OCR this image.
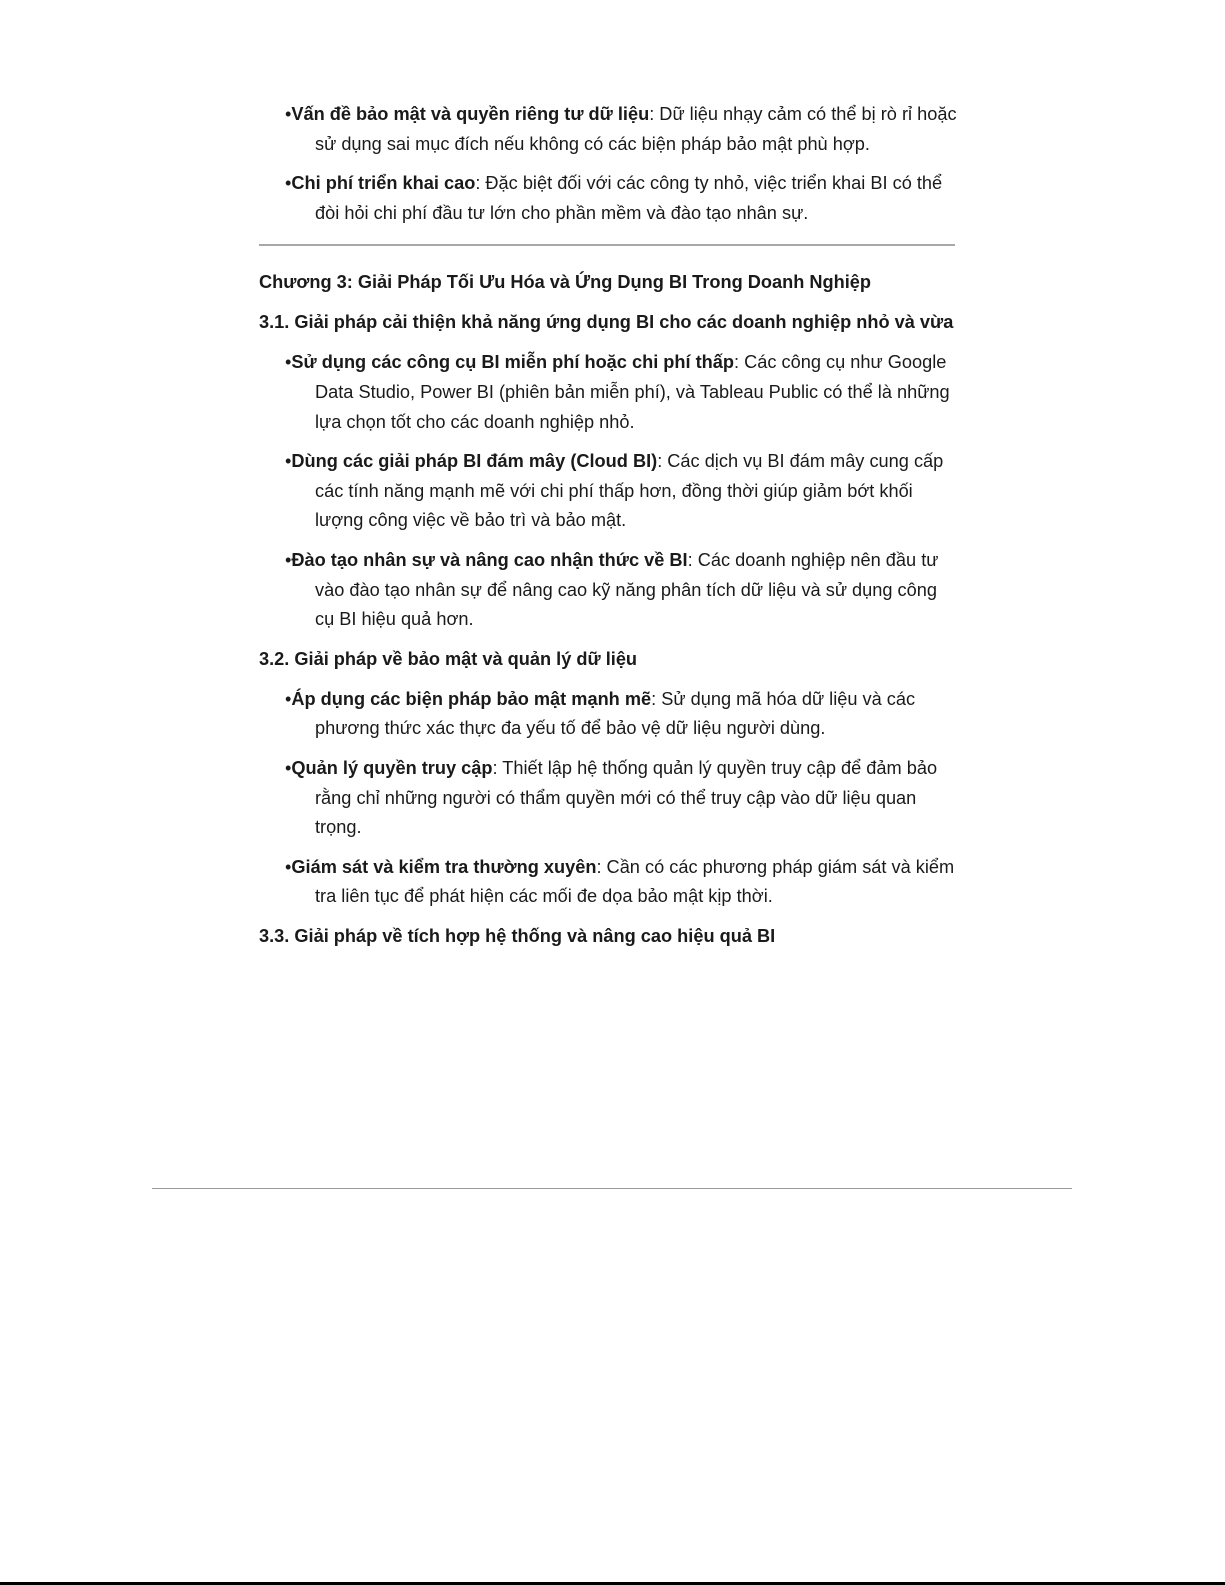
•Vấn đề bảo mật và quyền riêng tư dữ liệu: Dữ liệu nhạy cảm có thể bị rò rỉ hoặc sử dụng sai mục đích nếu không có các biện pháp bảo mật phù hợp.
•Chi phí triển khai cao: Đặc biệt đối với các công ty nhỏ, việc triển khai BI có thể đòi hỏi chi phí đầu tư lớn cho phần mềm và đào tạo nhân sự.
Chương 3: Giải Pháp Tối Ưu Hóa và Ứng Dụng BI Trong Doanh Nghiệp
3.1. Giải pháp cải thiện khả năng ứng dụng BI cho các doanh nghiệp nhỏ và vừa
•Sử dụng các công cụ BI miễn phí hoặc chi phí thấp: Các công cụ như Google Data Studio, Power BI (phiên bản miễn phí), và Tableau Public có thể là những lựa chọn tốt cho các doanh nghiệp nhỏ.
•Dùng các giải pháp BI đám mây (Cloud BI): Các dịch vụ BI đám mây cung cấp các tính năng mạnh mẽ với chi phí thấp hơn, đồng thời giúp giảm bớt khối lượng công việc về bảo trì và bảo mật.
•Đào tạo nhân sự và nâng cao nhận thức về BI: Các doanh nghiệp nên đầu tư vào đào tạo nhân sự để nâng cao kỹ năng phân tích dữ liệu và sử dụng công cụ BI hiệu quả hơn.
3.2. Giải pháp về bảo mật và quản lý dữ liệu
•Áp dụng các biện pháp bảo mật mạnh mẽ: Sử dụng mã hóa dữ liệu và các phương thức xác thực đa yếu tố để bảo vệ dữ liệu người dùng.
•Quản lý quyền truy cập: Thiết lập hệ thống quản lý quyền truy cập để đảm bảo rằng chỉ những người có thẩm quyền mới có thể truy cập vào dữ liệu quan trọng.
•Giám sát và kiểm tra thường xuyên: Cần có các phương pháp giám sát và kiểm tra liên tục để phát hiện các mối đe dọa bảo mật kịp thời.
3.3. Giải pháp về tích hợp hệ thống và nâng cao hiệu quả BI
